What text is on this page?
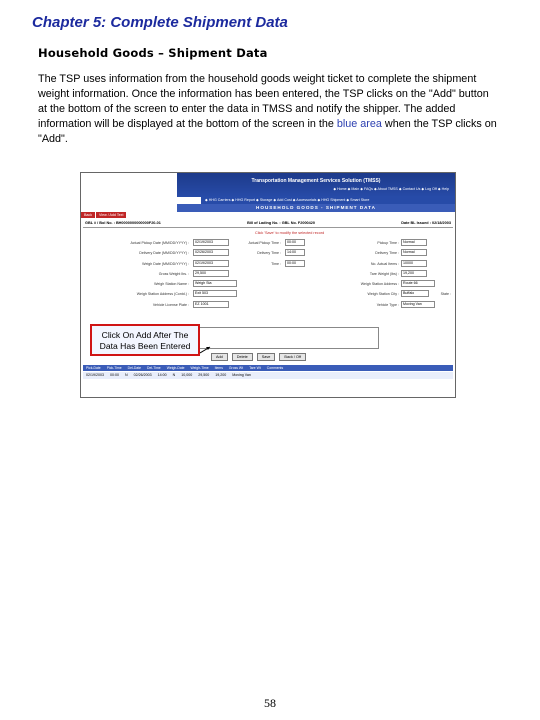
Chapter 5: Complete Shipment Data
Household Goods – Shipment Data
The TSP uses information from the household goods weight ticket to complete the shipment weight information. Once the information has been entered, the TSP clicks on the "Add" button at the bottom of the screen to enter the data in TMSS and notify the shipper. The added information will be displayed at the bottom of the screen in the blue area when the TSP clicks on "Add".
Transportation Management Services Solution (TMSS)
◆ Home ◆ Main ◆ FAQs ◆ About TMSS ◆ Contact Us ◆ Log Off ◆ Help
◆ HHG Carriers ◆ HHG Report ◆ Storage ◆ Add Cost ◆ Accessorials ◆ HHG Shipment ◆ Smart Store
HOUSEHOLD GOODS - SHIPMENT DATA
Back	View / Add Text
GBL # / Bol No. : BH0000000000000F20-01	Bill of Lading No. : GBL No. F2000420	Date BL Issued : 02/18/2003
Click 'Save' to modify the selected record
Actual Pickup Date (MM/DD/YYYY) :	02/19/2003	Actual Pickup Time :	00:00	Pickup Time :	Normal
Delivery Date (MM/DD/YYYY) :	02/26/2003	Delivery Time :	14:00	Delivery Time :	Normal
Weigh Date (MM/DD/YYYY) :	02/19/2003	Time :	00:00	No. Actual Items :	10000
Gross Weight lbs. :	29,500	Tare Weight (lbs) :	19,200
Weigh Station Name :	Weigh Sta	Weigh Station Address :	Route 66
Weigh Station Address (Contd.) :	Exit 503	Weigh Station City :	Buffalo	State :
Vehicle License Plate :	EZ 1001	Vehicle Type :	Moving Van
Add	Delete	Save	Back / Off
Pick-Date	Pick-Time	Del-Date	Del-Time	Weigh-Date	Weigh-Time	Items	Gross Wt	Tare Wt	Comments
02/19/2003	00:00	N	02/26/2003	14:00	N	10,000	29,500	19,200	Moving Van
Click On Add After The Data Has Been Entered
58
